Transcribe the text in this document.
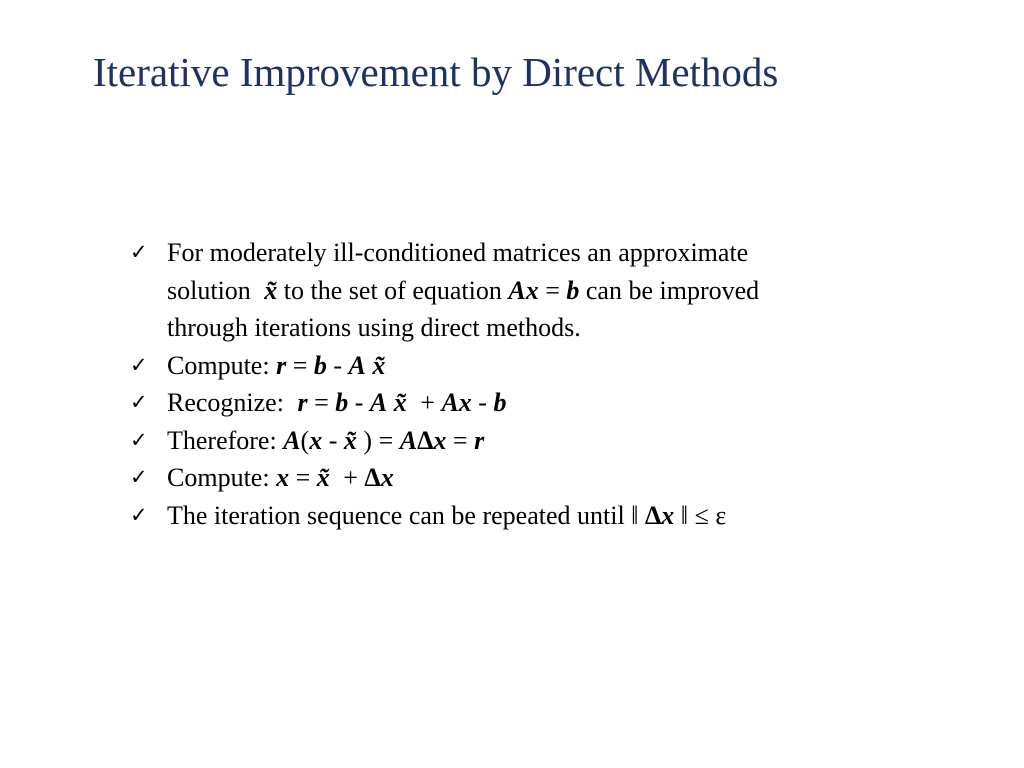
Iterative Improvement by Direct Methods
✓ For moderately ill-conditioned matrices an approximate
solution x̃ to the set of equation Ax = b can be improved
through iterations using direct methods.
✓ Compute: r = b - A x̃
✓ Recognize: r = b - A x̃ + Ax - b
✓ Therefore: A(x - x̃ ) = AΔx = r
✓ Compute: x = x̃ + Δx
✓ The iteration sequence can be repeated until ‖ Δx ‖ ≤ ε
